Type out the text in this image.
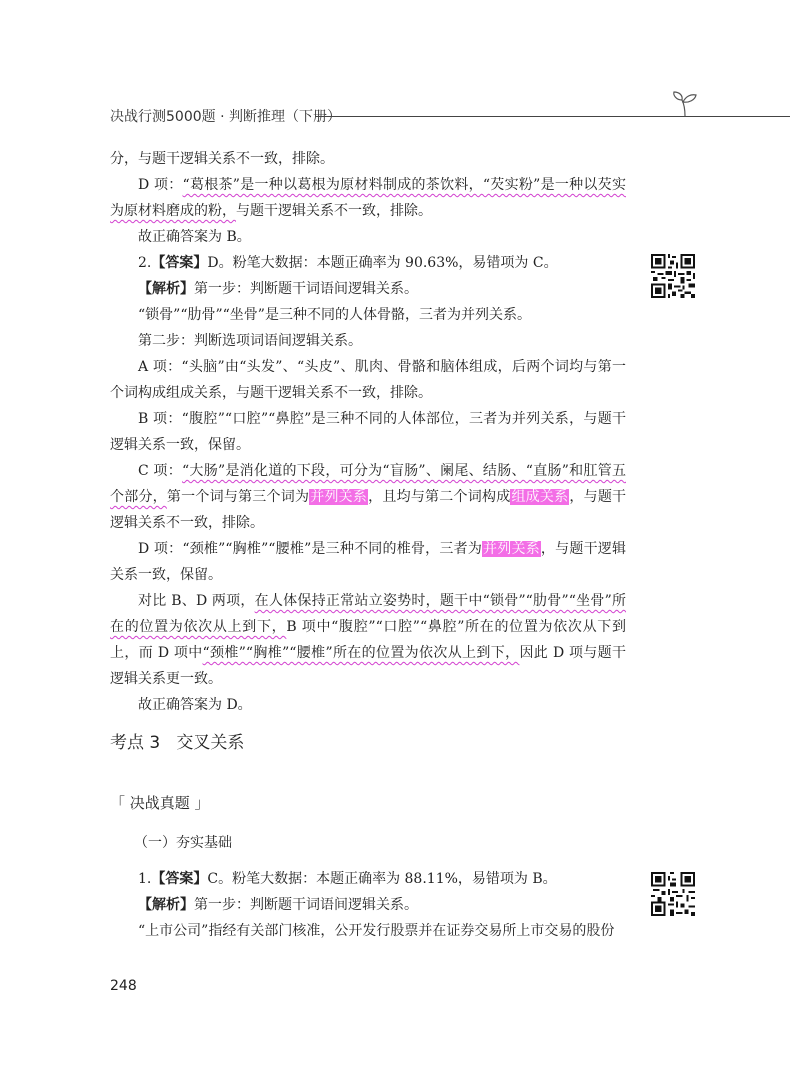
决战行测5000题 · 判断推理（下册）

分，与题干逻辑关系不一致，排除。

D 项：“葛根茶”是一种以葛根为原材料制成的茶饮料，“芡实粉”是一种以芡实为原材料磨成的粉，与题干逻辑关系不一致，排除。

故正确答案为 B。

2.【答案】D。粉笔大数据：本题正确率为 90.63%，易错项为 C。

【解析】第一步：判断题干词语间逻辑关系。

“锁骨”“肋骨”“坐骨”是三种不同的人体骨骼，三者为并列关系。

第二步：判断选项词语间逻辑关系。

A 项：“头脑”由“头发”、“头皮”、肌肉、骨骼和脑体组成，后两个词均与第一个词构成组成关系，与题干逻辑关系不一致，排除。

B 项：“腹腔”“口腔”“鼻腔”是三种不同的人体部位，三者为并列关系，与题干逻辑关系一致，保留。

C 项：“大肠”是消化道的下段，可分为“盲肠”、阑尾、结肠、“直肠”和肛管五个部分，第一个词与第三个词为并列关系，且均与第二个词构成组成关系，与题干逻辑关系不一致，排除。

D 项：“颈椎”“胸椎”“腰椎”是三种不同的椎骨，三者为并列关系，与题干逻辑关系一致，保留。

对比 B、D 两项，在人体保持正常站立姿势时，题干中“锁骨”“肋骨”“坐骨”所在的位置为依次从上到下，B 项中“腹腔”“口腔”“鼻腔”所在的位置为依次从下到上，而 D 项中“颈椎”“胸椎”“腰椎”所在的位置为依次从上到下，因此 D 项与题干逻辑关系更一致。

故正确答案为 D。

考点 3   交叉关系
「 决战真题 」
（一）夯实基础

1.【答案】C。粉笔大数据：本题正确率为 88.11%，易错项为 B。

【解析】第一步：判断题干词语间逻辑关系。

“上市公司”指经有关部门核准，公开发行股票并在证券交易所上市交易的股份

248
